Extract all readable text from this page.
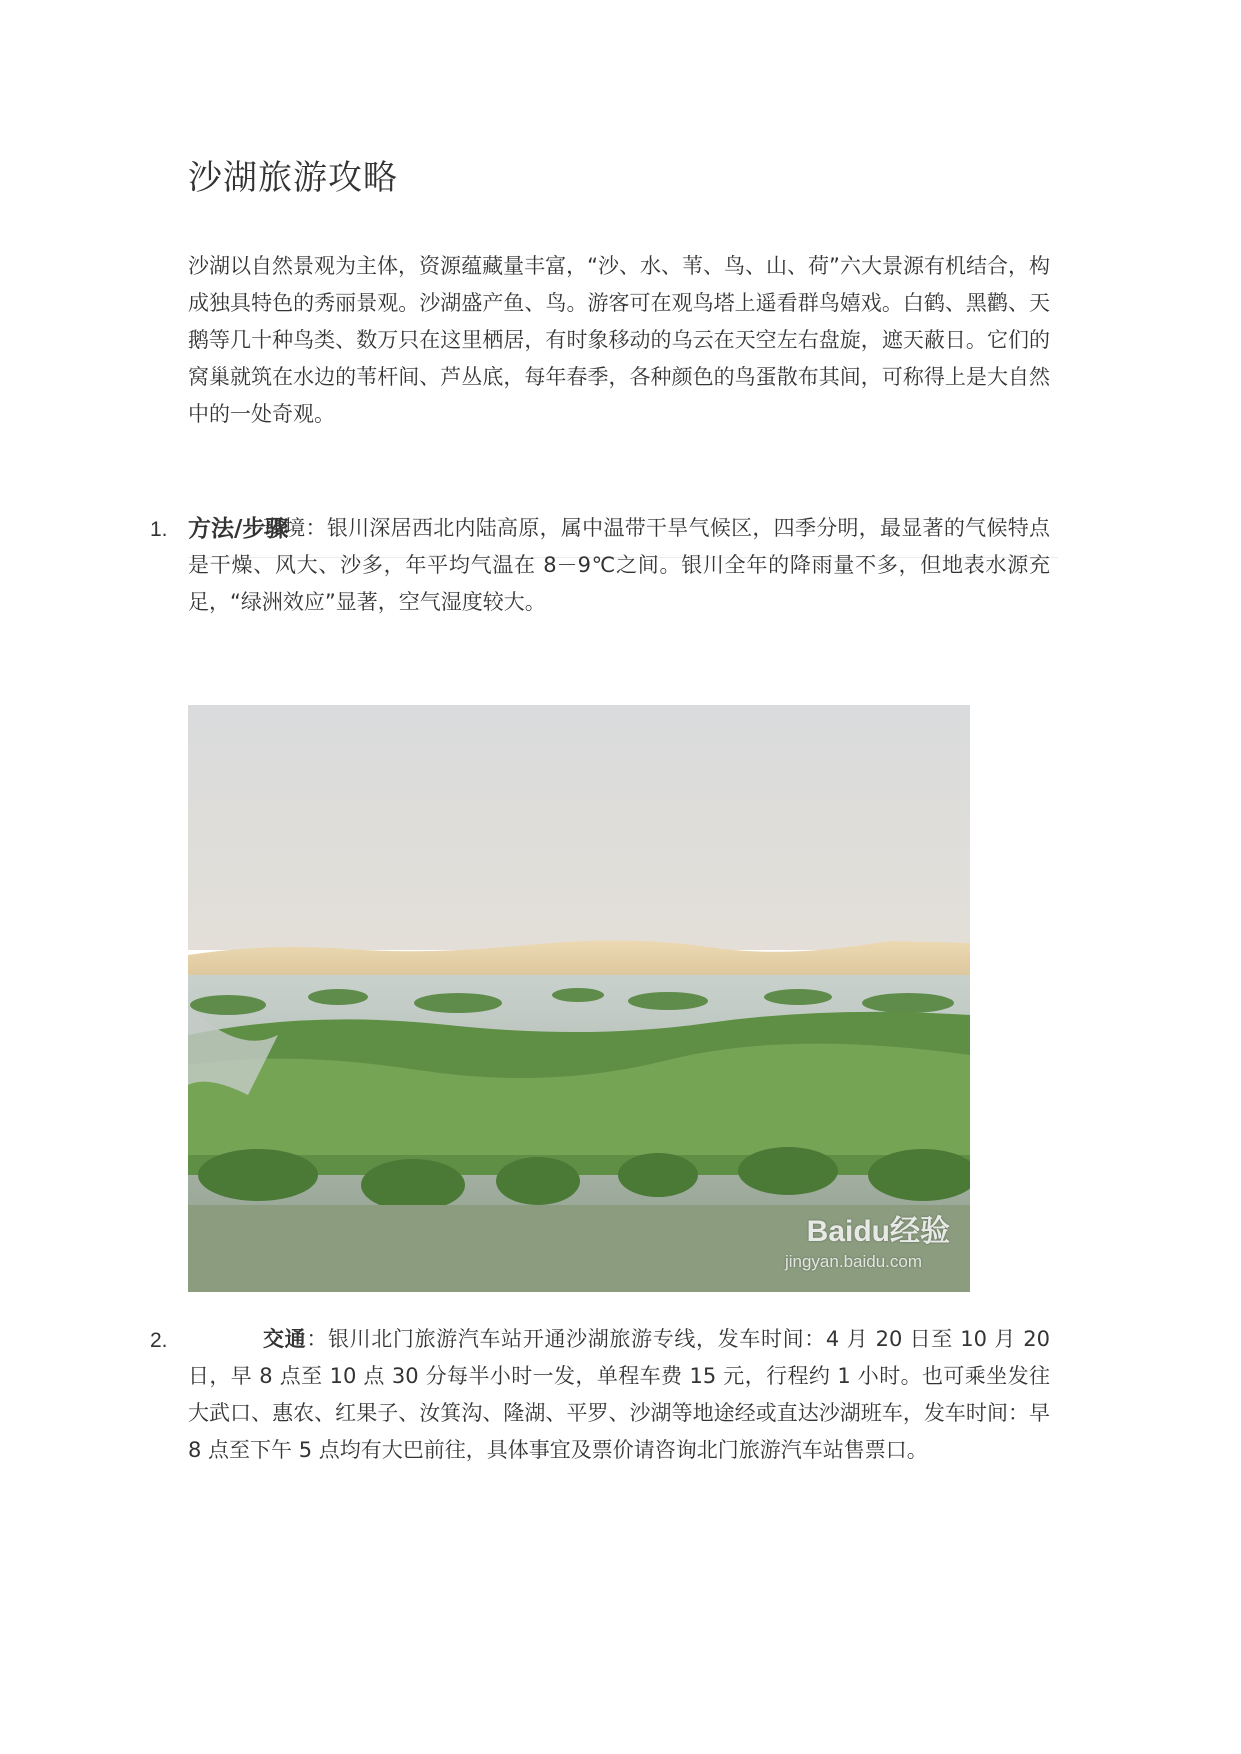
沙湖旅游攻略

沙湖以自然景观为主体，资源蕴藏量丰富，“沙、水、苇、鸟、山、荷”六大景源有机结合，构成独具特色的秀丽景观。沙湖盛产鱼、鸟。游客可在观鸟塔上遥看群鸟嬉戏。白鹤、黑鹳、天鹅等几十种鸟类、数万只在这里栖居，有时象移动的乌云在天空左右盘旋，遮天蔽日。它们的窝巢就筑在水边的苇杆间、芦丛底，每年春季，各种颜色的鸟蛋散布其间，可称得上是大自然中的一处奇观。

方法/步骤
1.	环境：银川深居西北内陆高原，属中温带干旱气候区，四季分明，最显著的气候特点是干燥、风大、沙多，年平均气温在 8－9℃之间。银川全年的降雨量不多，但地表水源充足，“绿洲效应”显著，空气湿度较大。

Baidu经验
jingyan.baidu.com
2.	交通：银川北门旅游汽车站开通沙湖旅游专线，发车时间：4 月 20 日至 10 月 20 日，早 8 点至 10 点 30 分每半小时一发，单程车费 15 元，行程约 1 小时。也可乘坐发往大武口、惠农、红果子、汝箕沟、隆湖、平罗、沙湖等地途经或直达沙湖班车，发车时间：早 8 点至下午 5 点均有大巴前往，具体事宜及票价请咨询北门旅游汽车站售票口。
